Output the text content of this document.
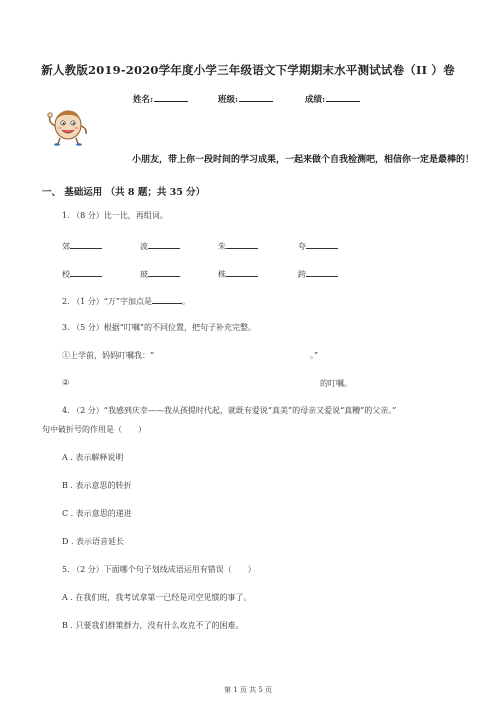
新人教版2019-2020学年度小学三年级语文下学期期末水平测试试卷（II ）卷
姓名:	班级:	成绩:
小朋友，带上你一段时间的学习成果，一起来做个自我检测吧，相信你一定是最棒的！
一、 基础运用 （共 8 题；共 35 分）
1. （8 分）比一比，再组词。
郊	波	朱	夸
校	玻	株	跨
2. （1 分）“万”字加点是	。
3. （5 分）根据“叮嘱”的不同位置，把句子补充完整。
①上学前，妈妈叮嘱我：“	。”
②	的叮嘱。
4. （2 分）“我感到庆幸——我从孩提时代起，就既有爱说“真美”的母亲又爱说“真糟”的父亲。”
句中破折号的作用是（　　）
A . 表示解释说明
B . 表示意思的转折
C . 表示意思的递进
D . 表示语音延长
5. （2 分）下面哪个句子划线成语运用有错误（　　）
A . 在我们班，我考试拿第一已经是司空见惯的事了。
B . 只要我们群策群力，没有什么攻克不了的困难。
第 1 页 共 5 页
